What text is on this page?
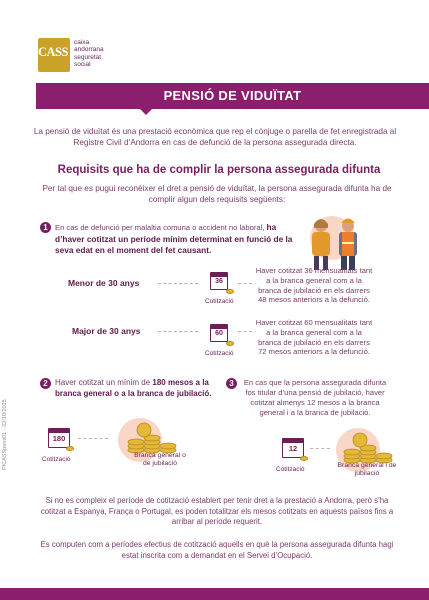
CASS
caixa
andorrana
seguretat
social
PENSIÓ DE VIDUÏTAT
La pensió de viduïtat és una prestació econòmica que rep el cònjuge o parella de fet enregistrada al Registre Civil d’Andorra en cas de defunció de la persona assegurada directa.
Requisits que ha de complir la persona assegurada difunta
Per tal que es pugui reconèixer el dret a pensió de viduïtat, la persona assegurada difunta ha de complir algun dels requisits següents:
1 En cas de defunció per malaltia comuna o accident no laboral, ha d’haver cotitzat un període mínim determinat en funció de la seva edat en el moment del fet causant.
Menor de 30 anys	36
Cotització
Haver cotitzat 36 mensualitats tant a la branca general com a la branca de jubilació en els darrers 48 mesos anteriors a la defunció.
Major de 30 anys	60
Cotització
Haver cotitzat 60 mensualitats tant a la branca general com a la branca de jubilació en els darrers 72 mesos anteriors a la defunció.
2 Haver cotitzat un mínim de 180 mesos a la branca general o a la branca de jubilació.
180
Cotització
Branca general o de jubilació
3	En cas que la persona assegurada difunta fos titular d’una pensió de jubilació, haver cotitzat almenys 12 mesos a la branca general i a la branca de jubilació.
12
Cotització
Branca general i de jubilació
Si no es compleix el període de cotització establert per tenir dret a la prestació a Andorra, però s’ha cotitzat a Espanya, França o Portugal, es poden totalitzar els mesos cotitzats en aquests països fins a arribar al període requerit.
Es computen com a períodes efectius de cotització aquells en què la persona assegurada difunta hagi estat inscrita com a demandat en el Servei d’Ocupació.
PICASSpens01 - 22/10/2025
